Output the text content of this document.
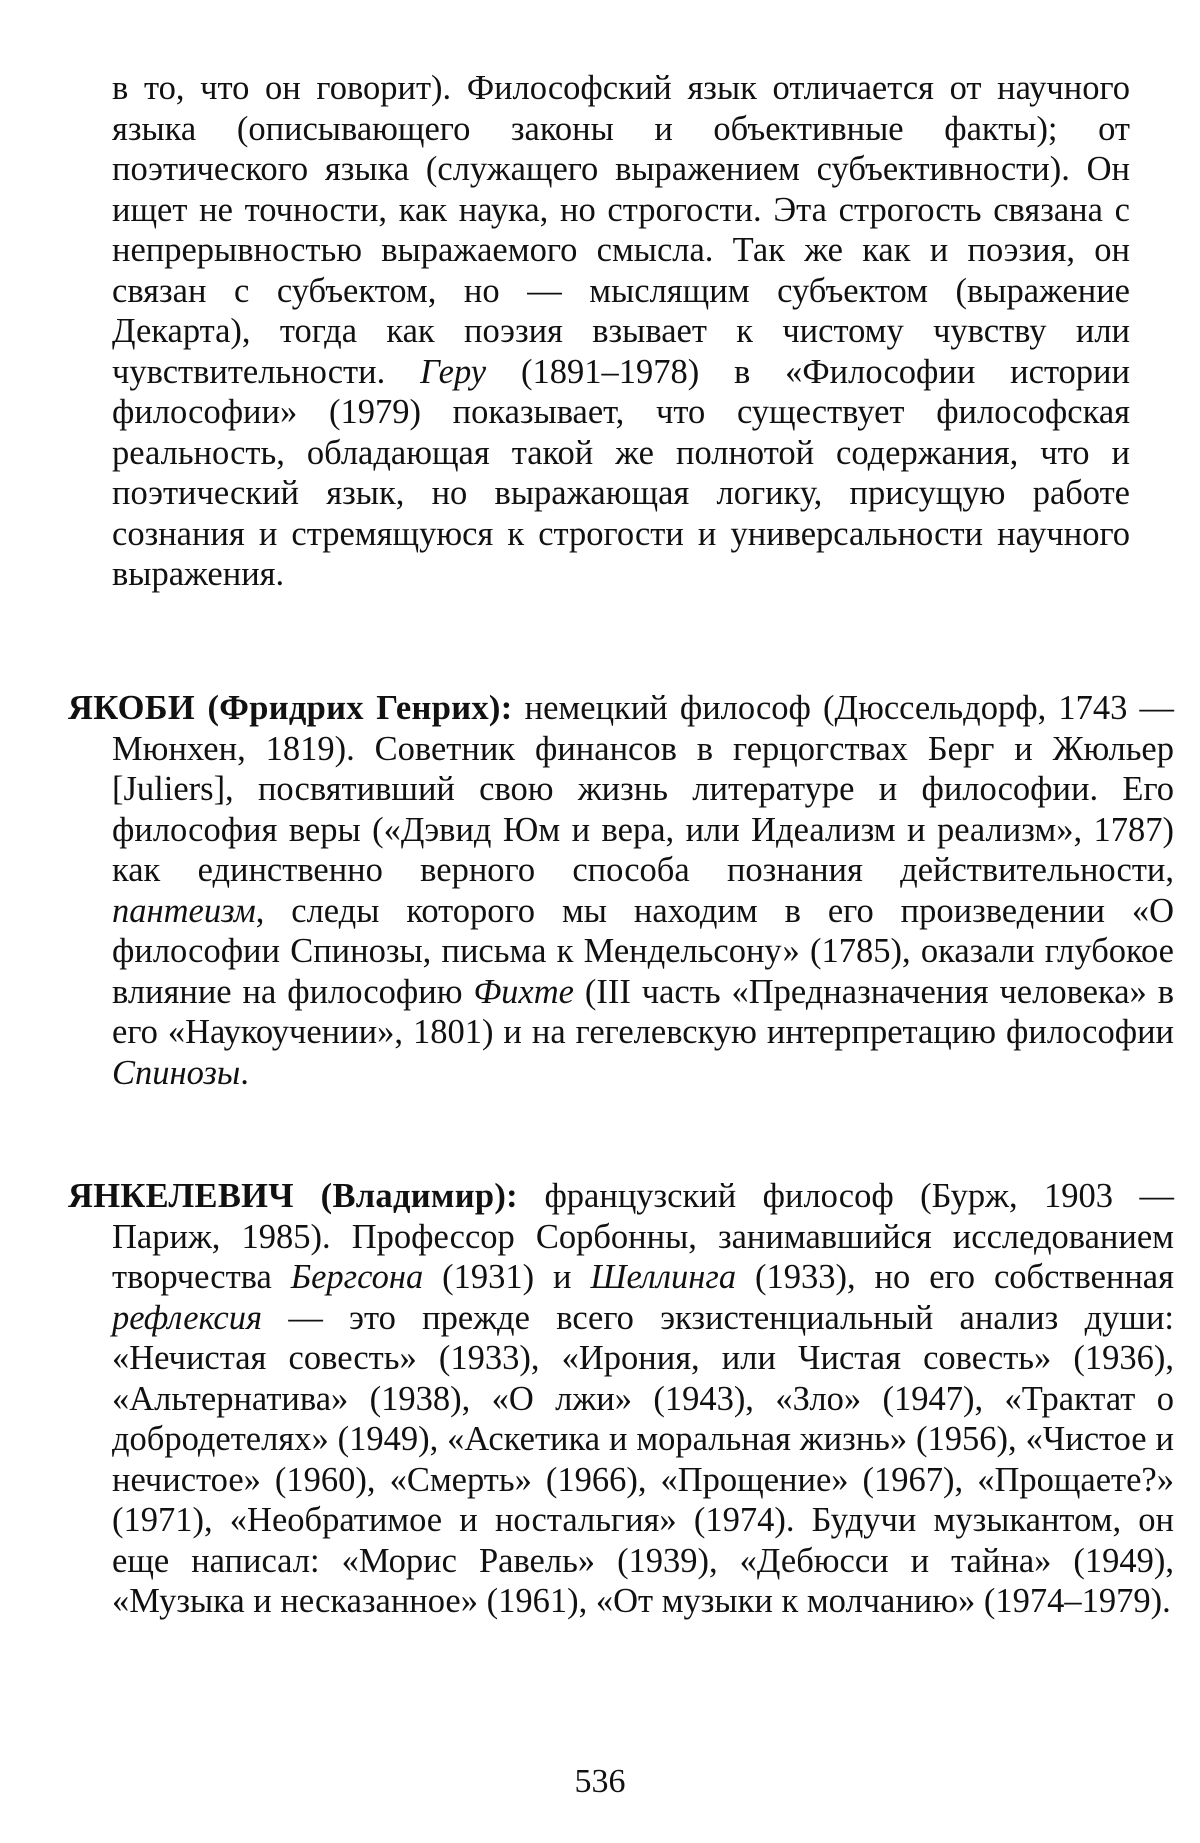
в то, что он говорит). Философский язык отличается от научного языка (описывающего законы и объективные факты); от поэтического языка (служащего выражением субъективности). Он ищет не точности, как наука, но строгости. Эта строгость связана с непрерывностью выражаемого смысла. Так же как и поэзия, он связан с субъектом, но — мыслящим субъектом (выражение Декарта), тогда как поэзия взывает к чистому чувству или чувствительности. Геру (1891–1978) в «Философии истории философии» (1979) показывает, что существует философская реальность, обладающая такой же полнотой содержания, что и поэтический язык, но выражающая логику, присущую работе сознания и стремящуюся к строгости и универсальности научного выражения.

ЯКОБИ (Фридрих Генрих): немецкий философ (Дюссельдорф, 1743 — Мюнхен, 1819). Советник финансов в герцогствах Берг и Жюльер [Juliers], посвятивший свою жизнь литературе и философии. Его философия веры («Дэвид Юм и вера, или Идеализм и реализм», 1787) как единственно верного способа познания действительности, пантеизм, следы которого мы находим в его произведении «О философии Спинозы, письма к Мендельсону» (1785), оказали глубокое влияние на философию Фихте (III часть «Предназначения человека» в его «Наукоучении», 1801) и на гегелевскую интерпретацию философии Спинозы.

ЯНКЕЛЕВИЧ (Владимир): французский философ (Бурж, 1903 — Париж, 1985). Профессор Сорбонны, занимавшийся исследованием творчества Бергсона (1931) и Шеллинга (1933), но его собственная рефлексия — это прежде всего экзистенциальный анализ души: «Нечистая совесть» (1933), «Ирония, или Чистая совесть» (1936), «Альтернатива» (1938), «О лжи» (1943), «Зло» (1947), «Трактат о добродетелях» (1949), «Аскетика и моральная жизнь» (1956), «Чистое и нечистое» (1960), «Смерть» (1966), «Прощение» (1967), «Прощаете?» (1971), «Необратимое и ностальгия» (1974). Будучи музыкантом, он еще написал: «Морис Равель» (1939), «Дебюсси и тайна» (1949), «Музыка и несказанное» (1961), «От музыки к молчанию» (1974–1979).

536
